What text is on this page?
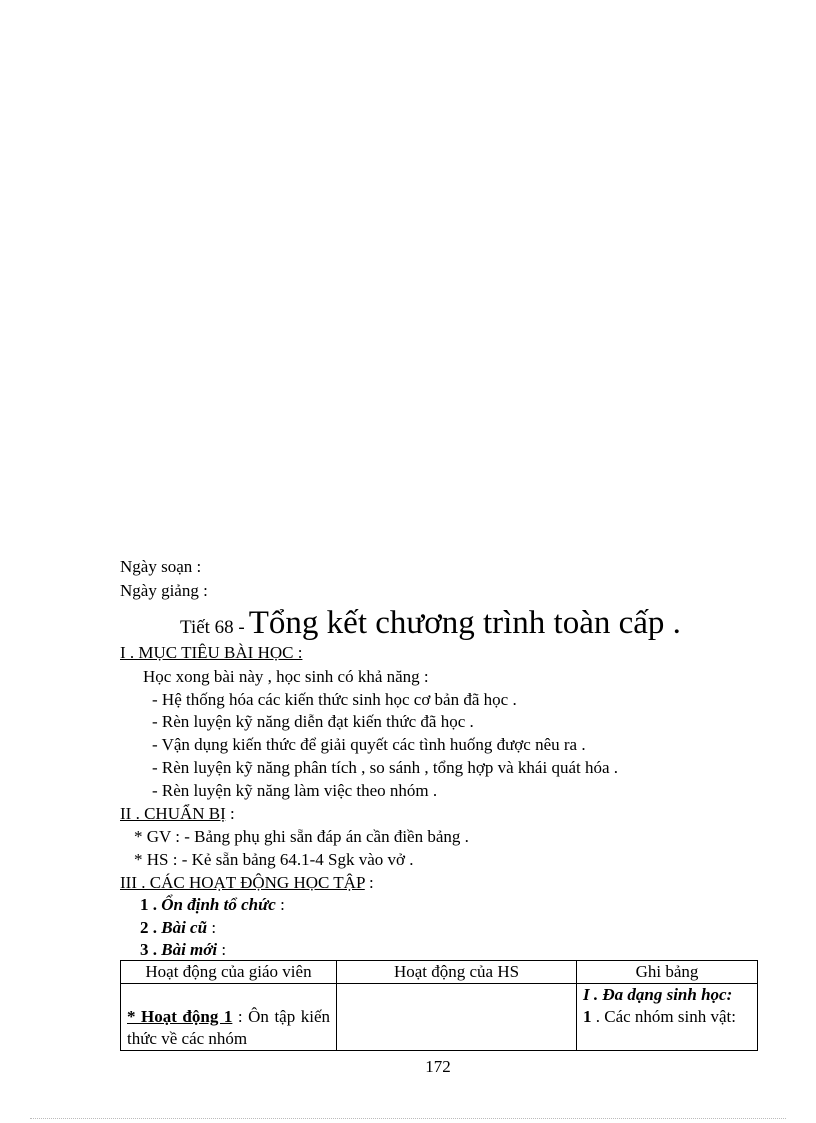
Ngày soạn :
Ngày giảng :
Tiết 68 - Tổng kết chương trình toàn cấp .
I . MỤC TIÊU BÀI HỌC :
Học xong bài này , học sinh có khả năng :
- Hệ thống hóa các kiến thức sinh học cơ bản đã học .
- Rèn luyện kỹ năng diễn đạt kiến thức đã học .
- Vận dụng kiến thức để giải quyết các tình huống được nêu ra .
- Rèn luyện kỹ năng phân tích , so sánh , tổng hợp và khái quát hóa .
- Rèn luyện kỹ năng làm việc theo nhóm .
II . CHUẨN BỊ :
* GV : - Bảng phụ ghi sẵn đáp án cần điền bảng .
* HS : - Kẻ sẵn bảng 64.1-4 Sgk vào vở .
III . CÁC HOẠT ĐỘNG HỌC TẬP :
1 . Ổn định tổ chức :
2 . Bài cũ :
3 . Bài mới :
Hoạt động của giáo viên	Hoạt động của HS	Ghi bảng
* Hoạt động 1 : Ôn tập kiến thức về các nhóm		I . Đa dạng sinh học:
1 . Các nhóm sinh vật:
172
